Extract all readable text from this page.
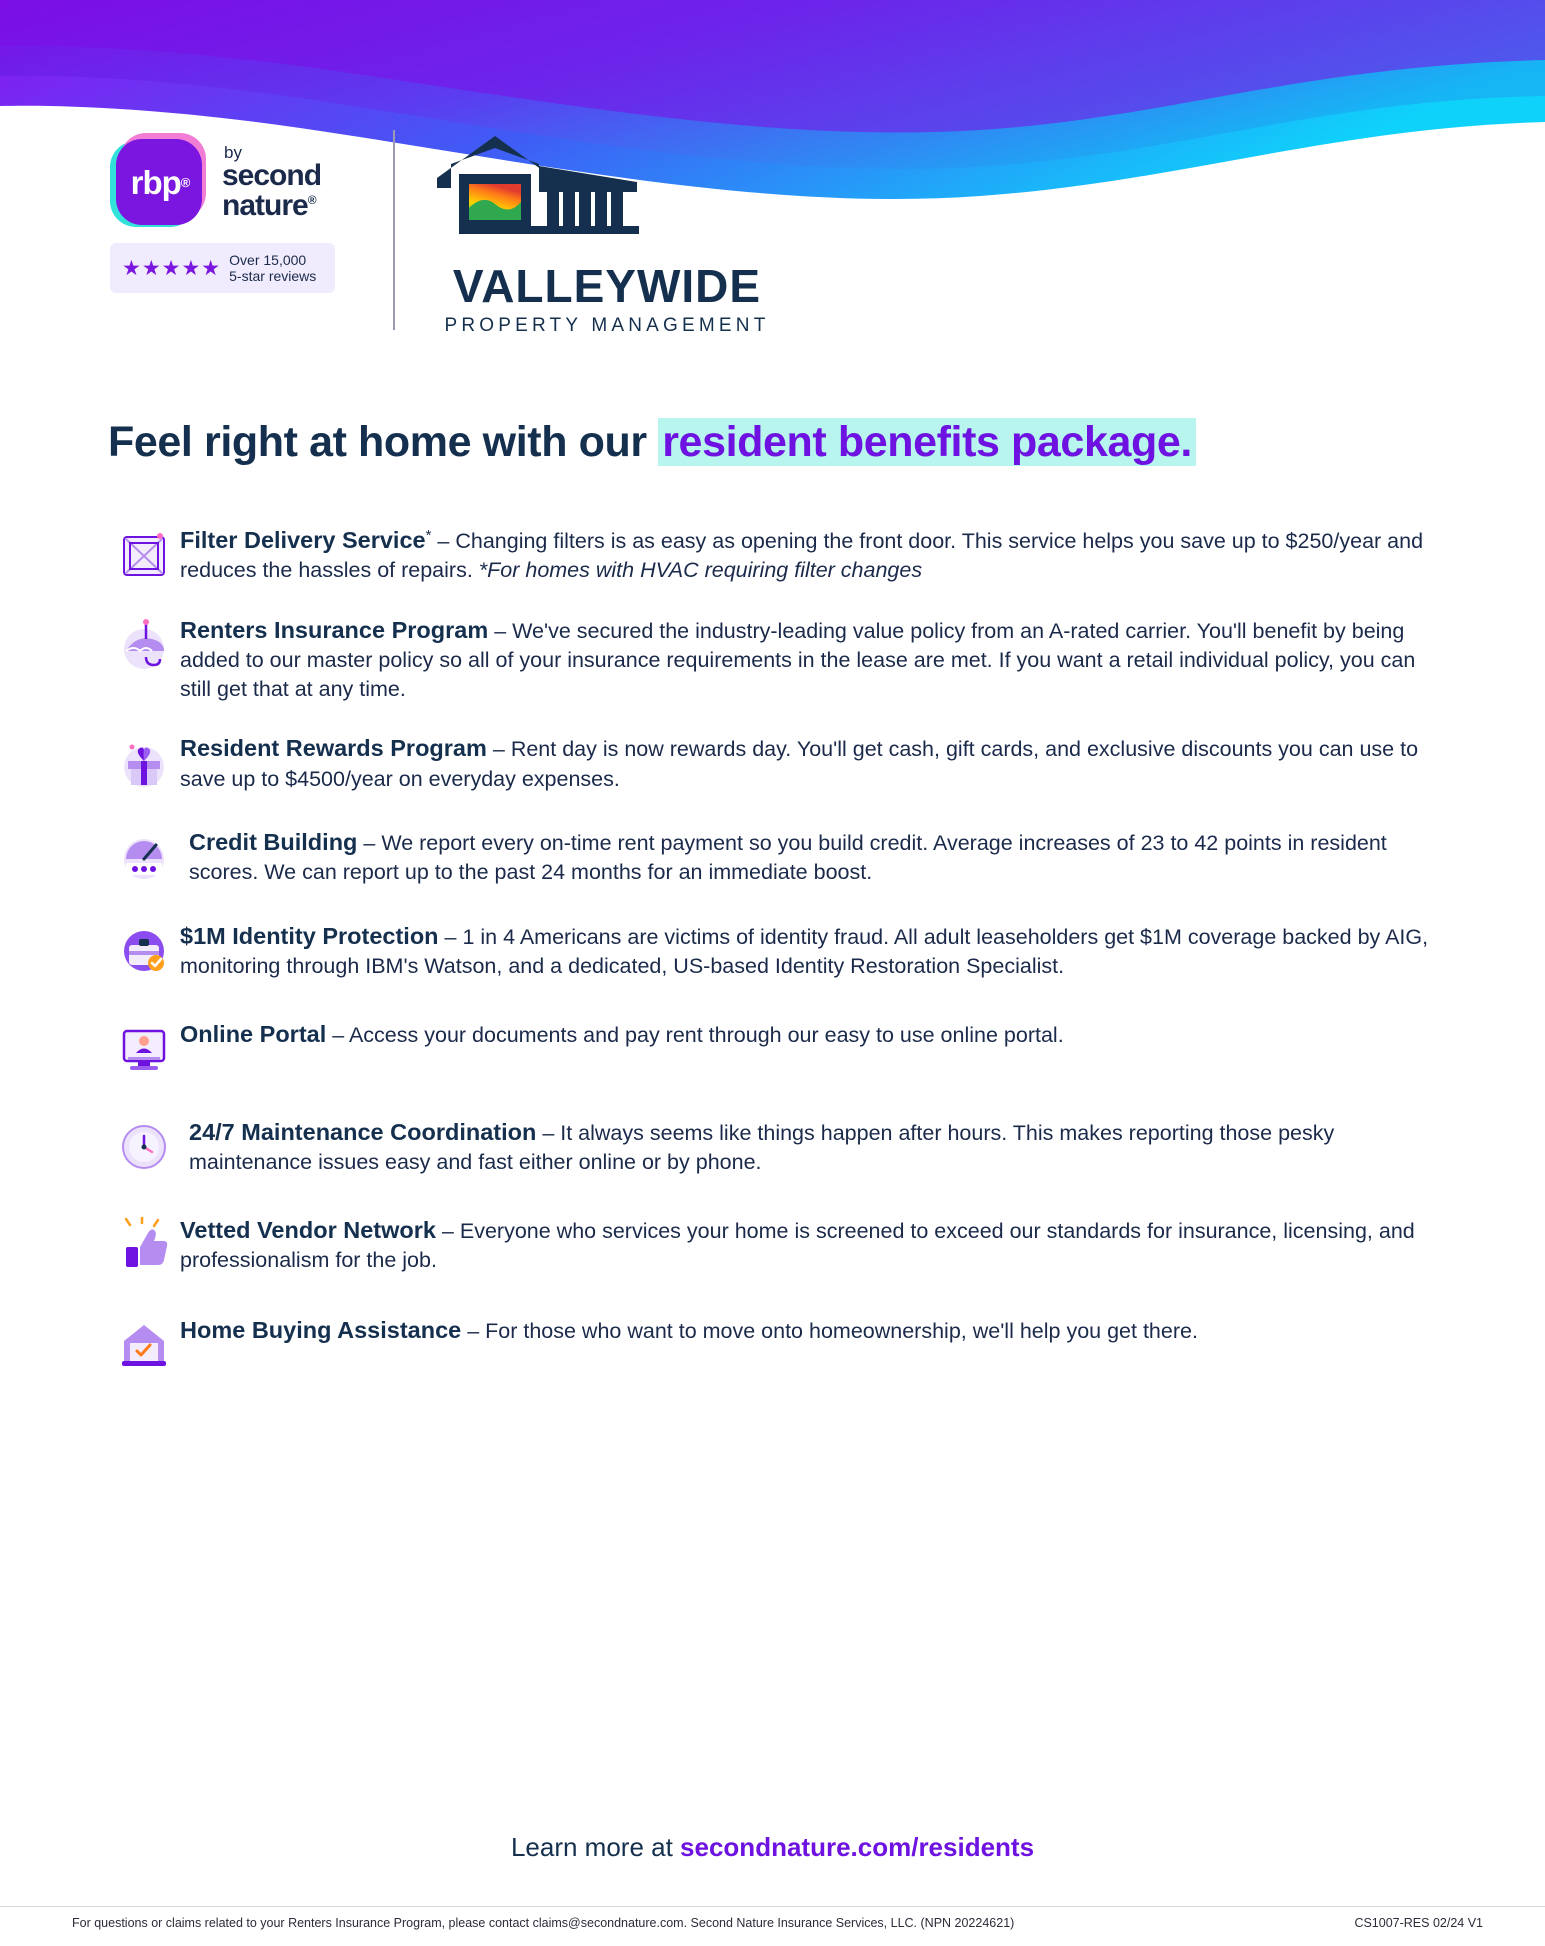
rbp ®
by
second nature®
★★★★★ Over 15,000
5-star reviews	VALLEYWIDE
PROPERTY MANAGEMENT
Feel right at home with our resident benefits package.
Filter Delivery Service* – Changing filters is as easy as opening the front door. This service helps you save up to $250/year and reduces the hassles of repairs. *For homes with HVAC requiring filter changes
Renters Insurance Program – We've secured the industry-leading value policy from an A-rated carrier. You'll benefit by being added to our master policy so all of your insurance requirements in the lease are met. If you want a retail individual policy, you can still get that at any time.
Resident Rewards Program – Rent day is now rewards day. You'll get cash, gift cards, and exclusive discounts you can use to save up to $4500/year on everyday expenses.
Credit Building – We report every on-time rent payment so you build credit. Average increases of 23 to 42 points in resident scores. We can report up to the past 24 months for an immediate boost.
$1M Identity Protection – 1 in 4 Americans are victims of identity fraud. All adult leaseholders get $1M coverage backed by AIG, monitoring through IBM's Watson, and a dedicated, US-based Identity Restoration Specialist.
Online Portal – Access your documents and pay rent through our easy to use online portal.
24/7 Maintenance Coordination – It always seems like things happen after hours. This makes reporting those pesky maintenance issues easy and fast either online or by phone.
Vetted Vendor Network – Everyone who services your home is screened to exceed our standards for insurance, licensing, and professionalism for the job.
Home Buying Assistance – For those who want to move onto homeownership, we'll help you get there.
Learn more at secondnature.com/residents
For questions or claims related to your Renters Insurance Program, please contact claims@secondnature.com. Second Nature Insurance Services, LLC. (NPN 20224621)	CS1007-RES 02/24 V1
